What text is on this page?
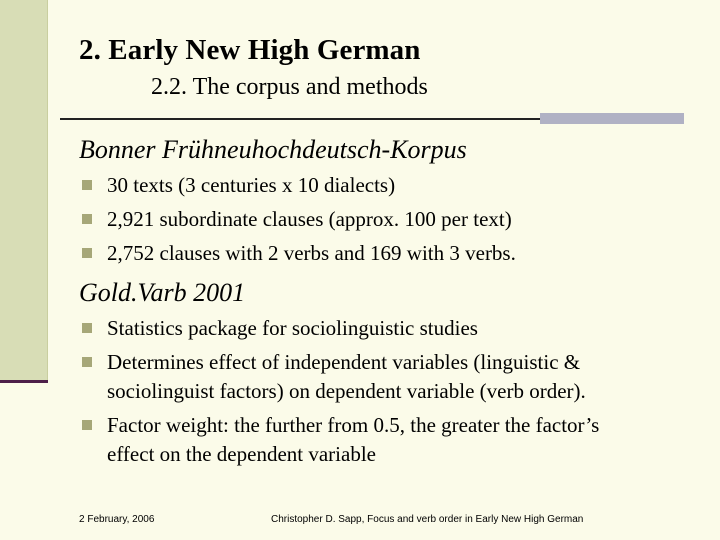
2. Early New High German
2.2. The corpus and methods
Bonner Frühneuhochdeutsch-Korpus
30 texts (3 centuries x 10 dialects)
2,921 subordinate clauses (approx. 100 per text)
2,752 clauses with 2 verbs and 169 with 3 verbs.
Gold.Varb 2001
Statistics package for sociolinguistic studies
Determines effect of independent variables (linguistic &
sociolinguist factors) on dependent variable (verb order).
Factor weight: the further from 0.5, the greater the factor’s
effect on the dependent variable
2 February, 2006	Christopher D. Sapp, Focus and verb order in Early New High German
